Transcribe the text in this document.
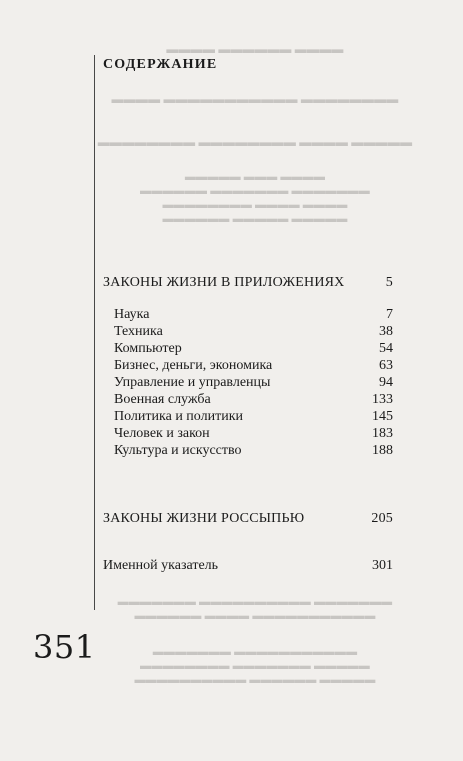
▬▬▬▬ ▬▬▬▬▬▬ ▬▬▬▬
▬▬▬▬ ▬▬▬▬▬▬▬▬▬▬▬ ▬▬▬▬▬▬▬▬
▬▬▬▬▬▬▬▬ ▬▬▬▬▬▬▬▬ ▬▬▬▬ ▬▬▬▬▬
▬▬▬▬▬ ▬▬▬ ▬▬▬▬
▬▬▬▬▬▬ ▬▬▬▬▬▬▬ ▬▬▬▬▬▬▬
▬▬▬▬▬▬▬▬ ▬▬▬▬ ▬▬▬▬
▬▬▬▬▬▬ ▬▬▬▬▬ ▬▬▬▬▬
▬▬▬▬▬▬▬ ▬▬▬▬▬▬▬▬▬▬ ▬▬▬▬▬▬▬
▬▬▬▬▬▬ ▬▬▬▬ ▬▬▬▬▬▬▬▬▬▬▬
▬▬▬▬▬▬▬ ▬▬▬▬▬▬▬▬▬▬▬
▬▬▬▬▬▬▬▬ ▬▬▬▬▬▬▬ ▬▬▬▬▬
▬▬▬▬▬▬▬▬▬▬ ▬▬▬▬▬▬ ▬▬▬▬▬
СОДЕРЖАНИЕ
ЗАКОНЫ ЖИЗНИ В ПРИЛОЖЕНИЯХ	5
Наука	7
Техника	38
Компьютер	54
Бизнес, деньги, экономика	63
Управление и управленцы	94
Военная служба	133
Политика и политики	145
Человек и закон	183
Культура и искусство	188
ЗАКОНЫ ЖИЗНИ РОССЫПЬЮ	205
Именной указатель	301
351
